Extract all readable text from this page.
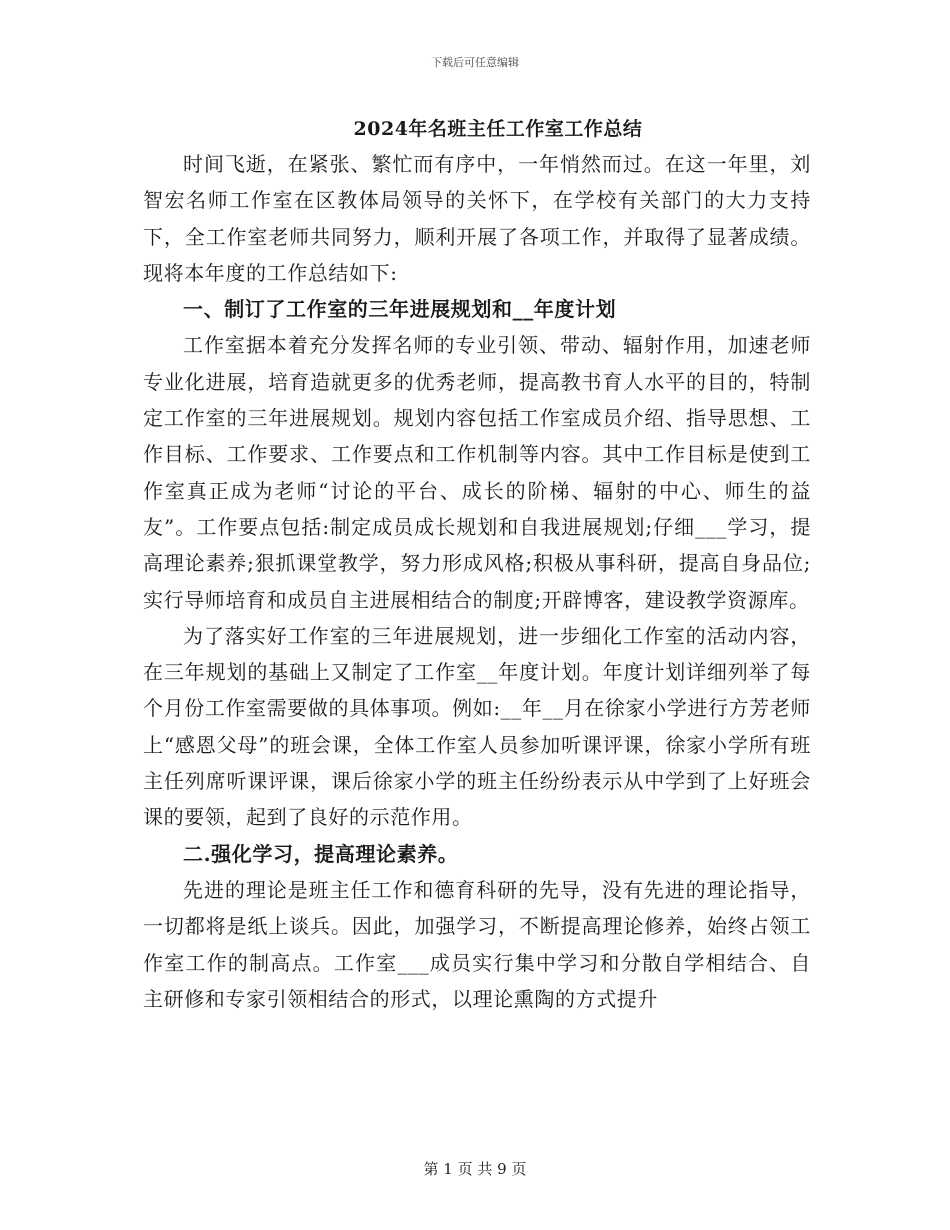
下载后可任意编辑
2024年名班主任工作室工作总结

时间飞逝，在紧张、繁忙而有序中，一年悄然而过。在这一年里，刘智宏名师工作室在区教体局领导的关怀下，在学校有关部门的大力支持下，全工作室老师共同努力，顺利开展了各项工作，并取得了显著成绩。现将本年度的工作总结如下:

一、制订了工作室的三年进展规划和__年度计划

工作室据本着充分发挥名师的专业引领、带动、辐射作用，加速老师专业化进展，培育造就更多的优秀老师，提高教书育人水平的目的，特制定工作室的三年进展规划。规划内容包括工作室成员介绍、指导思想、工作目标、工作要求、工作要点和工作机制等内容。其中工作目标是使到工作室真正成为老师“讨论的平台、成长的阶梯、辐射的中心、师生的益友”。工作要点包括:制定成员成长规划和自我进展规划;仔细___学习，提高理论素养;狠抓课堂教学，努力形成风格;积极从事科研，提高自身品位;实行导师培育和成员自主进展相结合的制度;开辟博客，建设教学资源库。

为了落实好工作室的三年进展规划，进一步细化工作室的活动内容，在三年规划的基础上又制定了工作室__年度计划。年度计划详细列举了每个月份工作室需要做的具体事项。例如:__年__月在徐家小学进行方芳老师上“感恩父母”的班会课，全体工作室人员参加听课评课，徐家小学所有班主任列席听课评课，课后徐家小学的班主任纷纷表示从中学到了上好班会课的要领，起到了良好的示范作用。

二.强化学习，提高理论素养。

先进的理论是班主任工作和德育科研的先导，没有先进的理论指导，一切都将是纸上谈兵。因此，加强学习，不断提高理论修养，始终占领工作室工作的制高点。工作室___成员实行集中学习和分散自学相结合、自主研修和专家引领相结合的形式，以理论熏陶的方式提升

第 1 页 共 9 页
